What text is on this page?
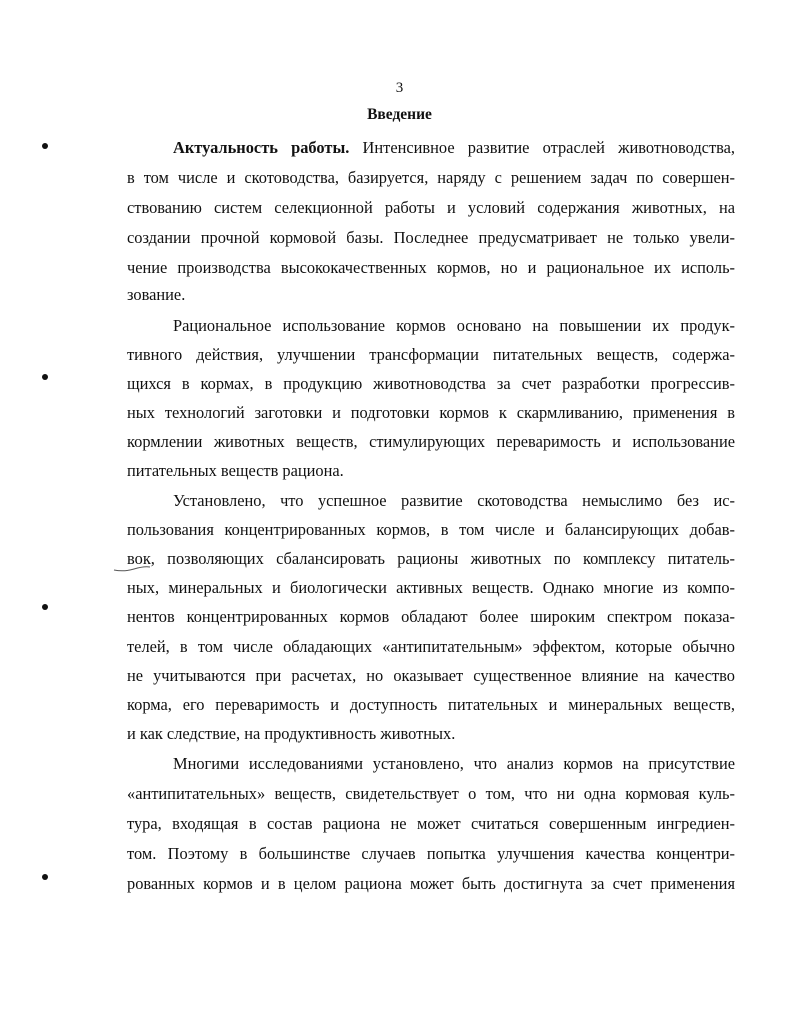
3
Введение
Актуальность работы. Интенсивное развитие отраслей животноводства,
в том числе и скотоводства, базируется, наряду с решением задач по совершен-
ствованию систем селекционной работы и условий содержания животных, на
создании прочной кормовой базы. Последнее предусматривает не только увели-
чение производства высококачественных кормов, но и рациональное их исполь-
зование.
Рациональное использование кормов основано на повышении их продук-
тивного действия, улучшении трансформации питательных веществ, содержа-
щихся в кормах, в продукцию животноводства за счет разработки прогрессив-
ных технологий заготовки и подготовки кормов к скармливанию, применения в
кормлении животных веществ, стимулирующих переваримость и использование
питательных веществ рациона.
Установлено, что успешное развитие скотоводства немыслимо без ис-
пользования концентрированных кормов, в том числе и балансирующих добав-
вок, позволяющих сбалансировать рационы животных по комплексу питатель-
ных, минеральных и биологически активных веществ. Однако многие из компо-
нентов концентрированных кормов обладают более широким спектром показа-
телей, в том числе обладающих «антипитательным» эффектом, которые обычно
не учитываются при расчетах, но оказывает существенное влияние на качество
корма, его переваримость и доступность питательных и минеральных веществ,
и как следствие, на продуктивность животных.
Многими исследованиями установлено, что анализ кормов на присутствие
«антипитательных» веществ, свидетельствует о том, что ни одна кормовая куль-
тура, входящая в состав рациона не может считаться совершенным ингредиен-
том. Поэтому в большинстве случаев попытка улучшения качества концентри-
рованных кормов и в целом рациона может быть достигнута за счет применения
